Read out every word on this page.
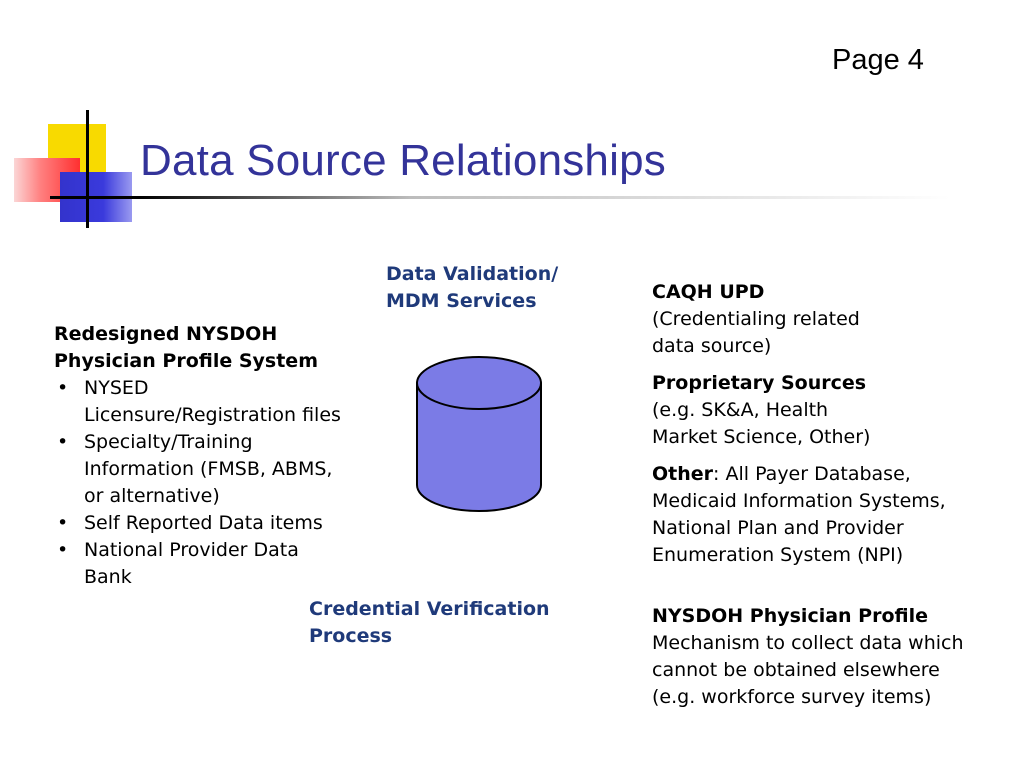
Page 4
Data Source Relationships
Redesigned NYSDOH
Physician Profile System
• NYSED
Licensure/Registration files
• Specialty/Training
Information (FMSB, ABMS,
or alternative)
• Self Reported Data items
• National Provider Data
Bank
Data Validation/
MDM Services
Credential Verification
Process
CAQH UPD
(Credentialing related
data source)
Proprietary Sources
(e.g. SK&A, Health
Market Science, Other)
Other: All Payer Database,
Medicaid Information Systems,
National Plan and Provider
Enumeration System (NPI)
NYSDOH Physician Profile
Mechanism to collect data which
cannot be obtained elsewhere
(e.g. workforce survey items)
